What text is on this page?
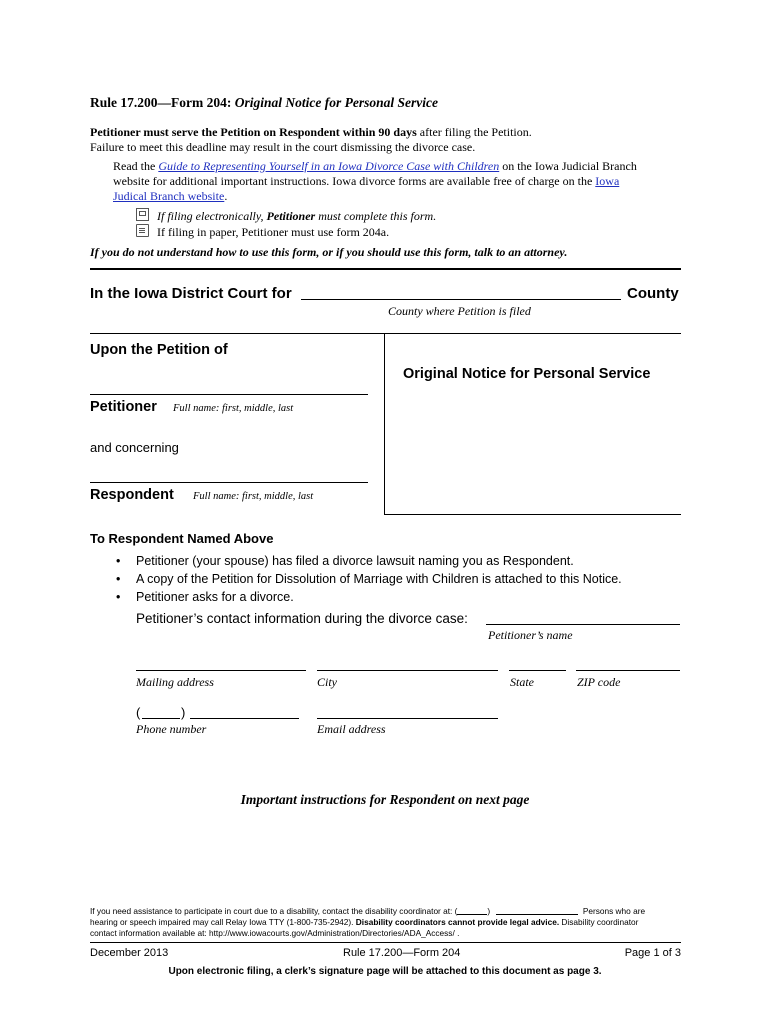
Rule 17.200—Form 204: Original Notice for Personal Service
Petitioner must serve the Petition on Respondent within 90 days after filing the Petition.
Failure to meet this deadline may result in the court dismissing the divorce case.
Read the Guide to Representing Yourself in an Iowa Divorce Case with Children on the Iowa Judicial Branch
website for additional important instructions. Iowa divorce forms are available free of charge on the Iowa
Judical Branch website.
If filing electronically, Petitioner must complete this form.
If filing in paper, Petitioner must use form 204a.
If you do not understand how to use this form, or if you should use this form, talk to an attorney.
In the Iowa District Court for	County
County where Petition is filed
Upon the Petition of
Petitioner Full name: first, middle, last
and concerning
Respondent Full name: first, middle, last
Original Notice for Personal Service
To Respondent Named Above
• Petitioner (your spouse) has filed a divorce lawsuit naming you as Respondent.
• A copy of the Petition for Dissolution of Marriage with Children is attached to this Notice.
• Petitioner asks for a divorce.
Petitioner’s contact information during the divorce case:
Petitioner’s name
Mailing address	City	State	ZIP code
(	)
Phone number	Email address
Important instructions for Respondent on next page
If you need assistance to participate in court due to a disability, contact the disability coordinator at: (	)	Persons who are
hearing or speech impaired may call Relay Iowa TTY (1-800-735-2942). Disability coordinators cannot provide legal advice. Disability coordinator
contact information available at: http://www.iowacourts.gov/Administration/Directories/ADA_Access/ .
December 2013	Rule 17.200—Form 204	Page 1 of 3
Upon electronic filing, a clerk’s signature page will be attached to this document as page 3.
